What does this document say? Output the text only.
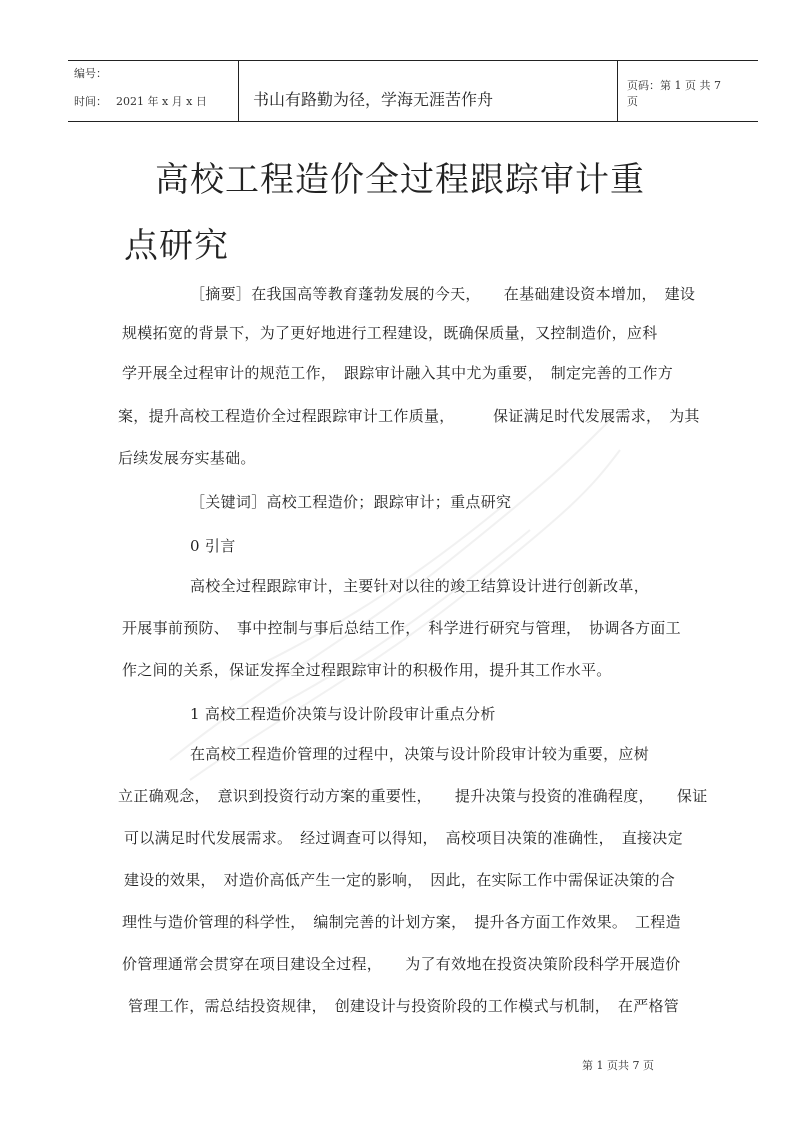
编号：
时间： 2021 年 x 月 x 日	书山有路勤为径，学海无涯苦作舟
页码：第 1 页 共 7
页
高校工程造价全过程跟踪审计重
点研究
［摘要］在我国高等教育蓬勃发展的今天，　　在基础建设资本增加，　建设
规模拓宽的背景下，为了更好地进行工程建设，既确保质量，又控制造价，应科
学开展全过程审计的规范工作，　跟踪审计融入其中尤为重要，　制定完善的工作方
案，提升高校工程造价全过程跟踪审计工作质量，　　　保证满足时代发展需求，　为其
后续发展夯实基础。
［关键词］高校工程造价；跟踪审计；重点研究
0 引言
高校全过程跟踪审计，主要针对以往的竣工结算设计进行创新改革，
开展事前预防、　事中控制与事后总结工作，　科学进行研究与管理，　协调各方面工
作之间的关系，保证发挥全过程跟踪审计的积极作用，提升其工作水平。
1 高校工程造价决策与设计阶段审计重点分析
在高校工程造价管理的过程中，决策与设计阶段审计较为重要，应树
立正确观念，　意识到投资行动方案的重要性，　　提升决策与投资的准确程度，　　保证
可以满足时代发展需求。　经过调查可以得知，　高校项目决策的准确性，　直接决定
建设的效果，　对造价高低产生一定的影响，　因此，在实际工作中需保证决策的合
理性与造价管理的科学性，　编制完善的计划方案，　提升各方面工作效果。　工程造
价管理通常会贯穿在项目建设全过程，　　为了有效地在投资决策阶段科学开展造价
管理工作，需总结投资规律，　创建设计与投资阶段的工作模式与机制，　在严格管
第 1 页共 7 页
